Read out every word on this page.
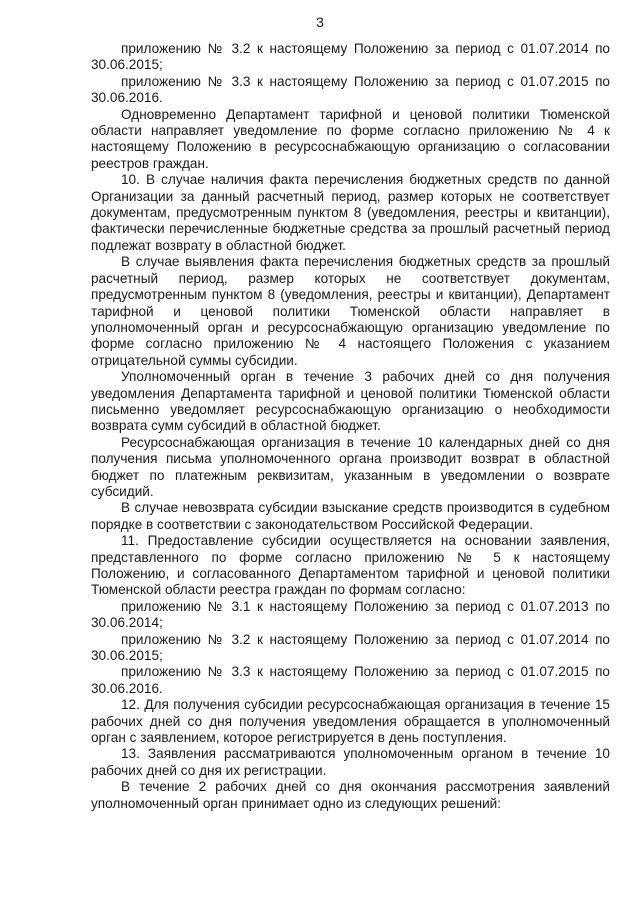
3

приложению № 3.2 к настоящему Положению за период с 01.07.2014 по 30.06.2015;

приложению № 3.3 к настоящему Положению за период с 01.07.2015 по 30.06.2016.

Одновременно Департамент тарифной и ценовой политики Тюменской области направляет уведомление по форме согласно приложению № 4 к настоящему Положению в ресурсоснабжающую организацию о согласовании реестров граждан.

10. В случае наличия факта перечисления бюджетных средств по данной Организации за данный расчетный период, размер которых не соответствует документам, предусмотренным пунктом 8 (уведомления, реестры и квитанции), фактически перечисленные бюджетные средства за прошлый расчетный период подлежат возврату в областной бюджет.

В случае выявления факта перечисления бюджетных средств за прошлый расчетный период, размер которых не соответствует документам, предусмотренным пунктом 8 (уведомления, реестры и квитанции), Департамент тарифной и ценовой политики Тюменской области направляет в уполномоченный орган и ресурсоснабжающую организацию уведомление по форме согласно приложению № 4 настоящего Положения с указанием отрицательной суммы субсидии.

Уполномоченный орган в течение 3 рабочих дней со дня получения уведомления Департамента тарифной и ценовой политики Тюменской области письменно уведомляет ресурсоснабжающую организацию о необходимости возврата сумм субсидий в областной бюджет.

Ресурсоснабжающая организация в течение 10 календарных дней со дня получения письма уполномоченного органа производит возврат в областной бюджет по платежным реквизитам, указанным в уведомлении о возврате субсидий.

В случае невозврата субсидии взыскание средств производится в судебном порядке в соответствии с законодательством Российской Федерации.

11. Предоставление субсидии осуществляется на основании заявления, представленного по форме согласно приложению № 5 к настоящему Положению, и согласованного Департаментом тарифной и ценовой политики Тюменской области реестра граждан по формам согласно:

приложению № 3.1 к настоящему Положению за период с 01.07.2013 по 30.06.2014;

приложению № 3.2 к настоящему Положению за период с 01.07.2014 по 30.06.2015;

приложению № 3.3 к настоящему Положению за период с 01.07.2015 по 30.06.2016.

12. Для получения субсидии ресурсоснабжающая организация в течение 15 рабочих дней со дня получения уведомления обращается в уполномоченный орган с заявлением, которое регистрируется в день поступления.

13. Заявления рассматриваются уполномоченным органом в течение 10 рабочих дней со дня их регистрации.

В течение 2 рабочих дней со дня окончания рассмотрения заявлений уполномоченный орган принимает одно из следующих решений:
